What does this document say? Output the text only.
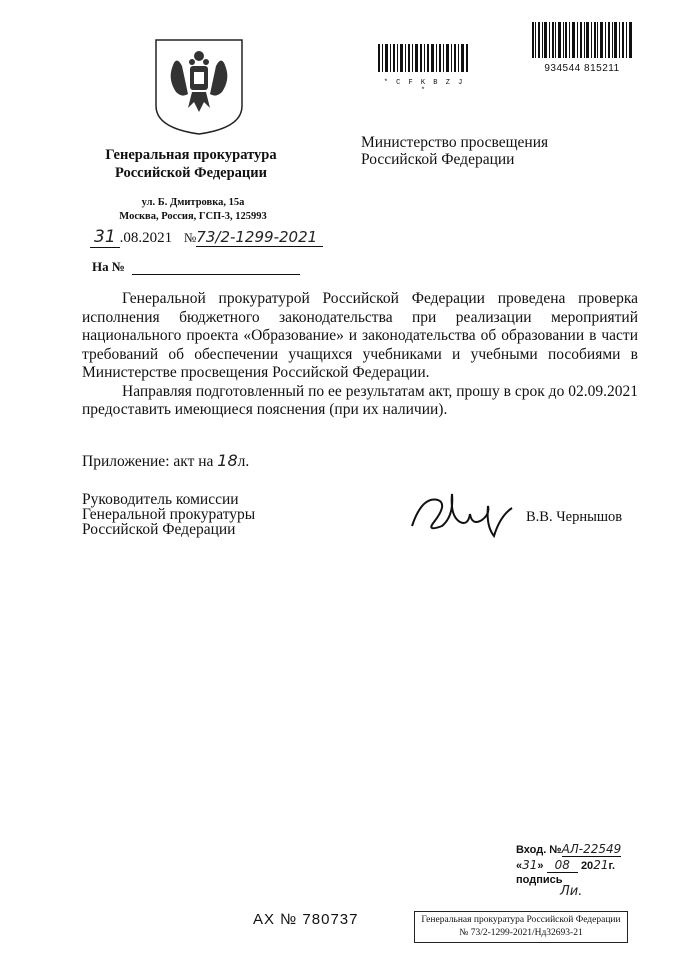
* С F K B Z J *
934544 815211
Генеральная прокуратура
Российской Федерации
ул. Б. Дмитровка, 15а
Москва, Россия, ГСП-3, 125993
31 .08.2021 №73/2-1299-2021
На №
Министерство просвещения
Российской Федерации

Генеральной прокуратурой Российской Федерации проведена проверка исполнения бюджетного законодательства при реализации мероприятий национального проекта «Образование» и законодательства об образовании в части требований об обеспечении учащихся учебниками и учебными пособиями в Министерстве просвещения Российской Федерации.

Направляя подготовленный по ее результатам акт, прошу в срок до 02.09.2021 предоставить имеющиеся пояснения (при их наличии).

Приложение: акт на 18л.
Руководитель комиссии
Генеральной прокуратуры
Российской Федерации
В.В. Чернышов
Вход. №АЛ-22549
«31» 08 2021г.
подпись
Ли.
АХ № 780737	Генеральная прокуратура Российской Федерации
№ 73/2-1299-2021/Нд32693-21
